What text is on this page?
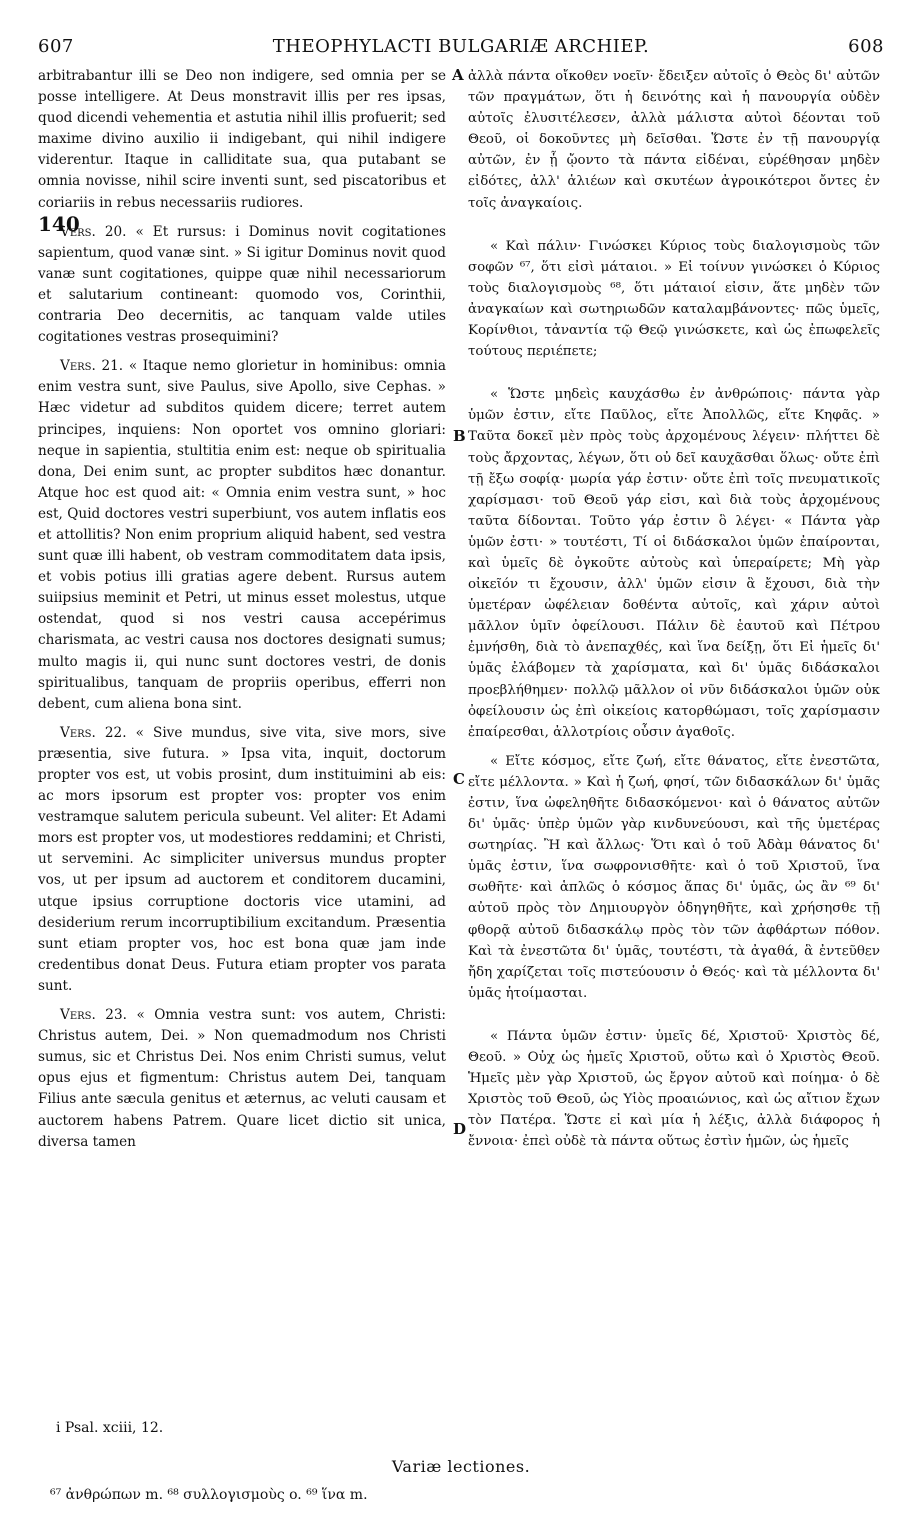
607	THEOPHYLACTI BULGARIÆ ARCHIEP.	608
140
A
B
C
D

arbitrabantur illi se Deo non indigere, sed omnia per se posse intelligere. At Deus monstravit illis per res ipsas, quod dicendi vehementia et astutia nihil illis profuerit; sed maxime divino auxilio ii indigebant, qui nihil indigere viderentur. Itaque in calliditate sua, qua putabant se omnia novisse, nihil scire inventi sunt, sed piscatoribus et coriariis in rebus necessariis rudiores.

Vers. 20. « Et rursus: i Dominus novit cogitationes sapientum, quod vanæ sint. » Si igitur Dominus novit quod vanæ sunt cogitationes, quippe quæ nihil necessariorum et salutarium contineant: quomodo vos, Corinthii, contraria Deo decernitis, ac tanquam valde utiles cogitationes vestras prosequimini?

Vers. 21. « Itaque nemo glorietur in hominibus: omnia enim vestra sunt, sive Paulus, sive Apollo, sive Cephas. » Hæc videtur ad subditos quidem dicere; terret autem principes, inquiens: Non oportet vos omnino gloriari: neque in sapientia, stultitia enim est: neque ob spiritualia dona, Dei enim sunt, ac propter subditos hæc donantur. Atque hoc est quod ait: « Omnia enim vestra sunt, » hoc est, Quid doctores vestri superbiunt, vos autem inflatis eos et attollitis? Non enim proprium aliquid habent, sed vestra sunt quæ illi habent, ob vestram commoditatem data ipsis, et vobis potius illi gratias agere debent. Rursus autem suiipsius meminit et Petri, ut minus esset molestus, utque ostendat, quod si nos vestri causa accepérimus charismata, ac vestri causa nos doctores designati sumus; multo magis ii, qui nunc sunt doctores vestri, de donis spiritualibus, tanquam de propriis operibus, efferri non debent, cum aliena bona sint.

Vers. 22. « Sive mundus, sive vita, sive mors, sive præsentia, sive futura. » Ipsa vita, inquit, doctorum propter vos est, ut vobis prosint, dum instituimini ab eis: ac mors ipsorum est propter vos: propter vos enim vestramque salutem pericula subeunt. Vel aliter: Et Adami mors est propter vos, ut modestiores reddamini; et Christi, ut servemini. Ac simpliciter universus mundus propter vos, ut per ipsum ad auctorem et conditorem ducamini, utque ipsius corruptione doctoris vice utamini, ad desiderium rerum incorruptibilium excitandum. Præsentia sunt etiam propter vos, hoc est bona quæ jam inde credentibus donat Deus. Futura etiam propter vos parata sunt.

Vers. 23. « Omnia vestra sunt: vos autem, Christi: Christus autem, Dei. » Non quemadmodum nos Christi sumus, sic et Christus Dei. Nos enim Christi sumus, velut opus ejus et figmentum: Christus autem Dei, tanquam Filius ante sæcula genitus et æternus, ac veluti causam et auctorem habens Patrem. Quare licet dictio sit unica, diversa tamen

ἀλλὰ πάντα οἴκοθεν νοεῖν· ἔδειξεν αὐτοῖς ὁ Θεὸς δι' αὐτῶν τῶν πραγμάτων, ὅτι ἡ δεινότης καὶ ἡ πανουργία οὐδὲν αὐτοῖς ἐλυσιτέλεσεν, ἀλλὰ μάλιστα αὐτοὶ δέονται τοῦ Θεοῦ, οἱ δοκοῦντες μὴ δεῖσθαι. Ὥστε ἐν τῇ πανουργίᾳ αὐτῶν, ἐν ᾗ ᾤοντο τὰ πάντα εἰδέναι, εὑρέθησαν μηδὲν εἰδότες, ἀλλ' ἁλιέων καὶ σκυτέων ἀγροικότεροι ὄντες ἐν τοῖς ἀναγκαίοις.

« Καὶ πάλιν· Γινώσκει Κύριος τοὺς διαλογισμοὺς τῶν σοφῶν ⁶⁷, ὅτι εἰσὶ μάταιοι. » Εἰ τοίνυν γινώσκει ὁ Κύριος τοὺς διαλογισμοὺς ⁶⁸, ὅτι μάταιοί εἰσιν, ἅτε μηδὲν τῶν ἀναγκαίων καὶ σωτηριωδῶν καταλαμβάνοντες· πῶς ὑμεῖς, Κορίνθιοι, τἀναντία τῷ Θεῷ γινώσκετε, καὶ ὡς ἐπωφελεῖς τούτους περιέπετε;

« Ὥστε μηδεὶς καυχάσθω ἐν ἀνθρώποις· πάντα γὰρ ὑμῶν ἐστιν, εἴτε Παῦλος, εἴτε Ἀπολλῶς, εἴτε Κηφᾶς. » Ταῦτα δοκεῖ μὲν πρὸς τοὺς ἀρχομένους λέγειν· πλήττει δὲ τοὺς ἄρχοντας, λέγων, ὅτι οὐ δεῖ καυχᾶσθαι ὅλως· οὔτε ἐπὶ τῇ ἔξω σοφίᾳ· μωρία γάρ ἐστιν· οὔτε ἐπὶ τοῖς πνευματικοῖς χαρίσμασι· τοῦ Θεοῦ γάρ εἰσι, καὶ διὰ τοὺς ἀρχομένους ταῦτα δίδονται. Τοῦτο γάρ ἐστιν ὃ λέγει· « Πάντα γὰρ ὑμῶν ἐστι· » τουτέστι, Τί οἱ διδάσκαλοι ὑμῶν ἐπαίρονται, καὶ ὑμεῖς δὲ ὀγκοῦτε αὐτοὺς καὶ ὑπεραίρετε; Μὴ γὰρ οἰκεῖόν τι ἔχουσιν, ἀλλ' ὑμῶν εἰσιν ἃ ἔχουσι, διὰ τὴν ὑμετέραν ὠφέλειαν δοθέντα αὐτοῖς, καὶ χάριν αὐτοὶ μᾶλλον ὑμῖν ὀφείλουσι. Πάλιν δὲ ἑαυτοῦ καὶ Πέτρου ἐμνήσθη, διὰ τὸ ἀνεπαχθές, καὶ ἵνα δείξῃ, ὅτι Εἰ ἡμεῖς δι' ὑμᾶς ἐλάβομεν τὰ χαρίσματα, καὶ δι' ὑμᾶς διδάσκαλοι προεβλήθημεν· πολλῷ μᾶλλον οἱ νῦν διδάσκαλοι ὑμῶν οὐκ ὀφείλουσιν ὡς ἐπὶ οἰκείοις κατορθώμασι, τοῖς χαρίσμασιν ἐπαίρεσθαι, ἀλλοτρίοις οὖσιν ἀγαθοῖς.

« Εἴτε κόσμος, εἴτε ζωή, εἴτε θάνατος, εἴτε ἐνεστῶτα, εἴτε μέλλοντα. » Καὶ ἡ ζωή, φησί, τῶν διδασκάλων δι' ὑμᾶς ἐστιν, ἵνα ὠφεληθῆτε διδασκόμενοι· καὶ ὁ θάνατος αὐτῶν δι' ὑμᾶς· ὑπὲρ ὑμῶν γὰρ κινδυνεύουσι, καὶ τῆς ὑμετέρας σωτηρίας. Ἢ καὶ ἄλλως· Ὅτι καὶ ὁ τοῦ Ἀδὰμ θάνατος δι' ὑμᾶς ἐστιν, ἵνα σωφρονισθῆτε· καὶ ὁ τοῦ Χριστοῦ, ἵνα σωθῆτε· καὶ ἁπλῶς ὁ κόσμος ἅπας δι' ὑμᾶς, ὡς ἂν ⁶⁹ δι' αὐτοῦ πρὸς τὸν Δημιουργὸν ὁδηγηθῆτε, καὶ χρήσησθε τῇ φθορᾷ αὐτοῦ διδασκάλῳ πρὸς τὸν τῶν ἀφθάρτων πόθον. Καὶ τὰ ἐνεστῶτα δι' ὑμᾶς, τουτέστι, τὰ ἀγαθά, ἃ ἐντεῦθεν ἤδη χαρίζεται τοῖς πιστεύουσιν ὁ Θεός· καὶ τὰ μέλλοντα δι' ὑμᾶς ἡτοίμασται.

« Πάντα ὑμῶν ἐστιν· ὑμεῖς δέ, Χριστοῦ· Χριστὸς δέ, Θεοῦ. » Οὐχ ὡς ἡμεῖς Χριστοῦ, οὕτω καὶ ὁ Χριστὸς Θεοῦ. Ἡμεῖς μὲν γὰρ Χριστοῦ, ὡς ἔργον αὐτοῦ καὶ ποίημα· ὁ δὲ Χριστὸς τοῦ Θεοῦ, ὡς Υἱὸς προαιώνιος, καὶ ὡς αἴτιον ἔχων τὸν Πατέρα. Ὥστε εἰ καὶ μία ἡ λέξις, ἀλλὰ διάφορος ἡ ἔννοια· ἐπεὶ οὐδὲ τὰ πάντα οὕτως ἐστὶν ἡμῶν, ὡς ἡμεῖς

i Psal. xciii, 12.
Variæ lectiones.
⁶⁷ ἀνθρώπων m. ⁶⁸ συλλογισμοὺς o. ⁶⁹ ἵνα m.
